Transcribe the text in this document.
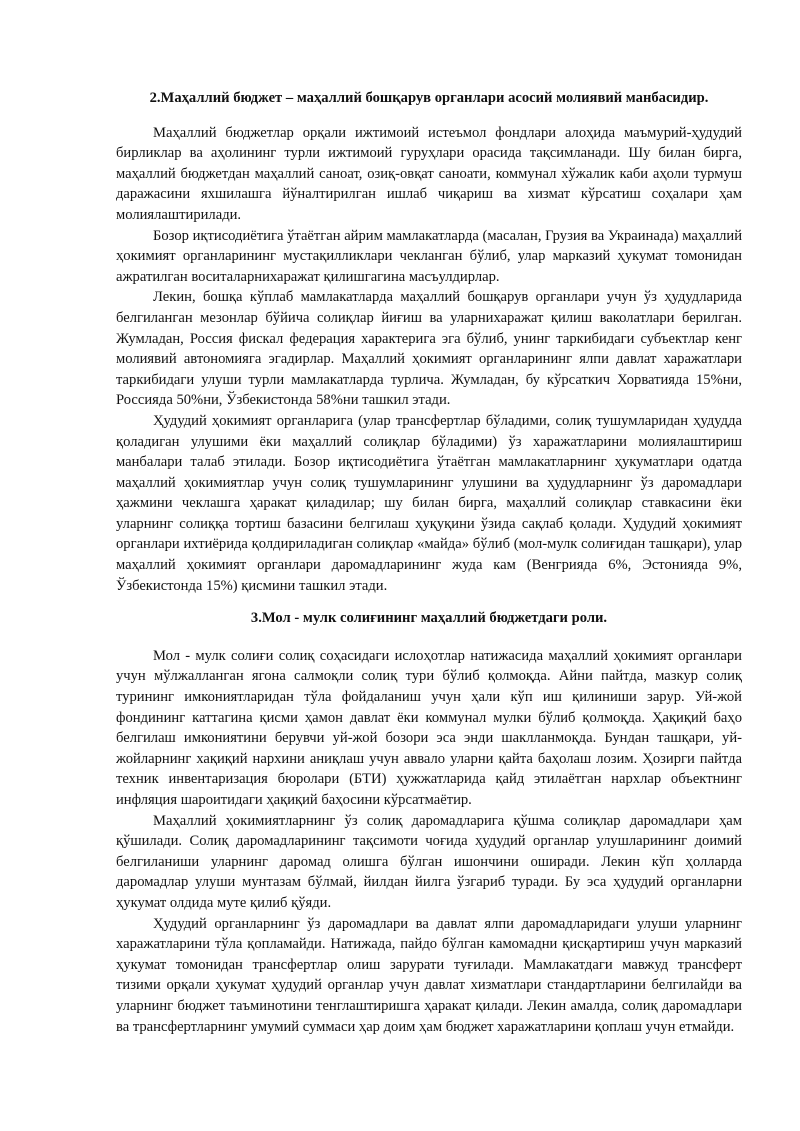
2.Маҳаллий бюджет – маҳаллий бошқарув органлари асосий молиявий манбасидир.

Маҳаллий бюджетлар орқали ижтимоий истеъмол фондлари алоҳида маъмурий-ҳудудий бирликлар ва аҳолининг турли ижтимоий гуруҳлари орасида тақсимланади. Шу билан бирга, маҳаллий бюджетдан маҳаллий саноат, озиқ-овқат саноати, коммунал хўжалик каби аҳоли турмуш даражасини яхшилашга йўналтирилган ишлаб чиқариш ва хизмат кўрсатиш соҳалари ҳам молиялаштирилади.

Бозор иқтисодиётига ўтаётган айрим мамлакатларда (масалан, Грузия ва Украинада) маҳаллий ҳокимият органларининг мустақилликлари чекланган бўлиб, улар марказий ҳукумат томонидан ажратилган воситаларнихаражат қилишгагина масъулдирлар.

Лекин, бошқа кўплаб мамлакатларда маҳаллий бошқарув органлари учун ўз ҳудудларида белгиланган мезонлар бўйича солиқлар йиғиш ва уларнихаражат қилиш ваколатлари берилган. Жумладан, Россия фискал федерация характерига эга бўлиб, унинг таркибидаги субъектлар кенг молиявий автономияга эгадирлар. Маҳаллий ҳокимият органларининг ялпи давлат харажатлари таркибидаги улуши турли мамлакатларда турлича. Жумладан, бу кўрсаткич Хорватияда 15%ни, Россияда 50%ни, Ўзбекистонда 58%ни ташкил этади.

Ҳудудий ҳокимият органларига (улар трансфертлар бўладими, солиқ тушумларидан ҳудудда қоладиган улушими ёки маҳаллий солиқлар бўладими) ўз харажатларини молиялаштириш манбалари талаб этилади. Бозор иқтисодиётига ўтаётган мамлакатларнинг ҳукуматлари одатда маҳаллий ҳокимиятлар учун солиқ тушумларининг улушини ва ҳудудларнинг ўз даромадлари ҳажмини чеклашга ҳаракат қиладилар; шу билан бирга, маҳаллий солиқлар ставкасини ёки уларнинг солиққа тортиш базасини белгилаш ҳуқуқини ўзида сақлаб қолади. Ҳудудий ҳокимият органлари ихтиёрида қолдириладиган солиқлар «майда» бўлиб (мол-мулк солиғидан ташқари), улар маҳаллий ҳокимият органлари даромадларининг жуда кам (Венгрияда 6%, Эстонияда 9%, Ўзбекистонда 15%) қисмини ташкил этади.

3.Мол - мулк солиғининг маҳаллий бюджетдаги роли.

Мол - мулк солиғи солиқ соҳасидаги ислоҳотлар натижасида маҳаллий ҳокимият органлари учун мўлжалланган ягона салмоқли солиқ тури бўлиб қолмоқда. Айни пайтда, мазкур солиқ турининг имкониятларидан тўла фойдаланиш учун ҳали кўп иш қилиниши зарур. Уй-жой фондининг каттагина қисми ҳамон давлат ёки коммунал мулки бўлиб қолмоқда. Ҳақиқий баҳо белгилаш имкониятини берувчи уй-жой бозори эса энди шаклланмоқда. Бундан ташқари, уй-жойларнинг хақиқий нархини аниқлаш учун аввало уларни қайта баҳолаш лозим. Ҳозирги пайтда техник инвентаризация бюролари (БТИ) ҳужжатларида қайд этилаётган нархлар объектнинг инфляция шароитидаги ҳақиқий баҳосини кўрсатмаётир.

Маҳаллий ҳокимиятларнинг ўз солиқ даромадларига қўшма солиқлар даромадлари ҳам қўшилади. Солиқ даромадларининг тақсимоти чоғида ҳудудий органлар улушларининг доимий белгиланиши уларнинг даромад олишга бўлган ишончини оширади. Лекин кўп ҳолларда даромадлар улуши мунтазам бўлмай, йилдан йилга ўзгариб туради. Бу эса ҳудудий органларни ҳукумат олдида муте қилиб қўяди.

Ҳудудий органларнинг ўз даромадлари ва давлат ялпи даромадларидаги улуши уларнинг харажатларини тўла қопламайди. Натижада, пайдо бўлган камомадни қисқартириш учун марказий ҳукумат томонидан трансфертлар олиш зарурати туғилади. Мамлакатдаги мавжуд трансферт тизими орқали ҳукумат ҳудудий органлар учун давлат хизматлари стандартларини белгилайди ва уларнинг бюджет таъминотини тенглаштиришга ҳаракат қилади. Лекин амалда, солиқ даромадлари ва трансфертларнинг умумий суммаси ҳар доим ҳам бюджет харажатларини қоплаш учун етмайди.
